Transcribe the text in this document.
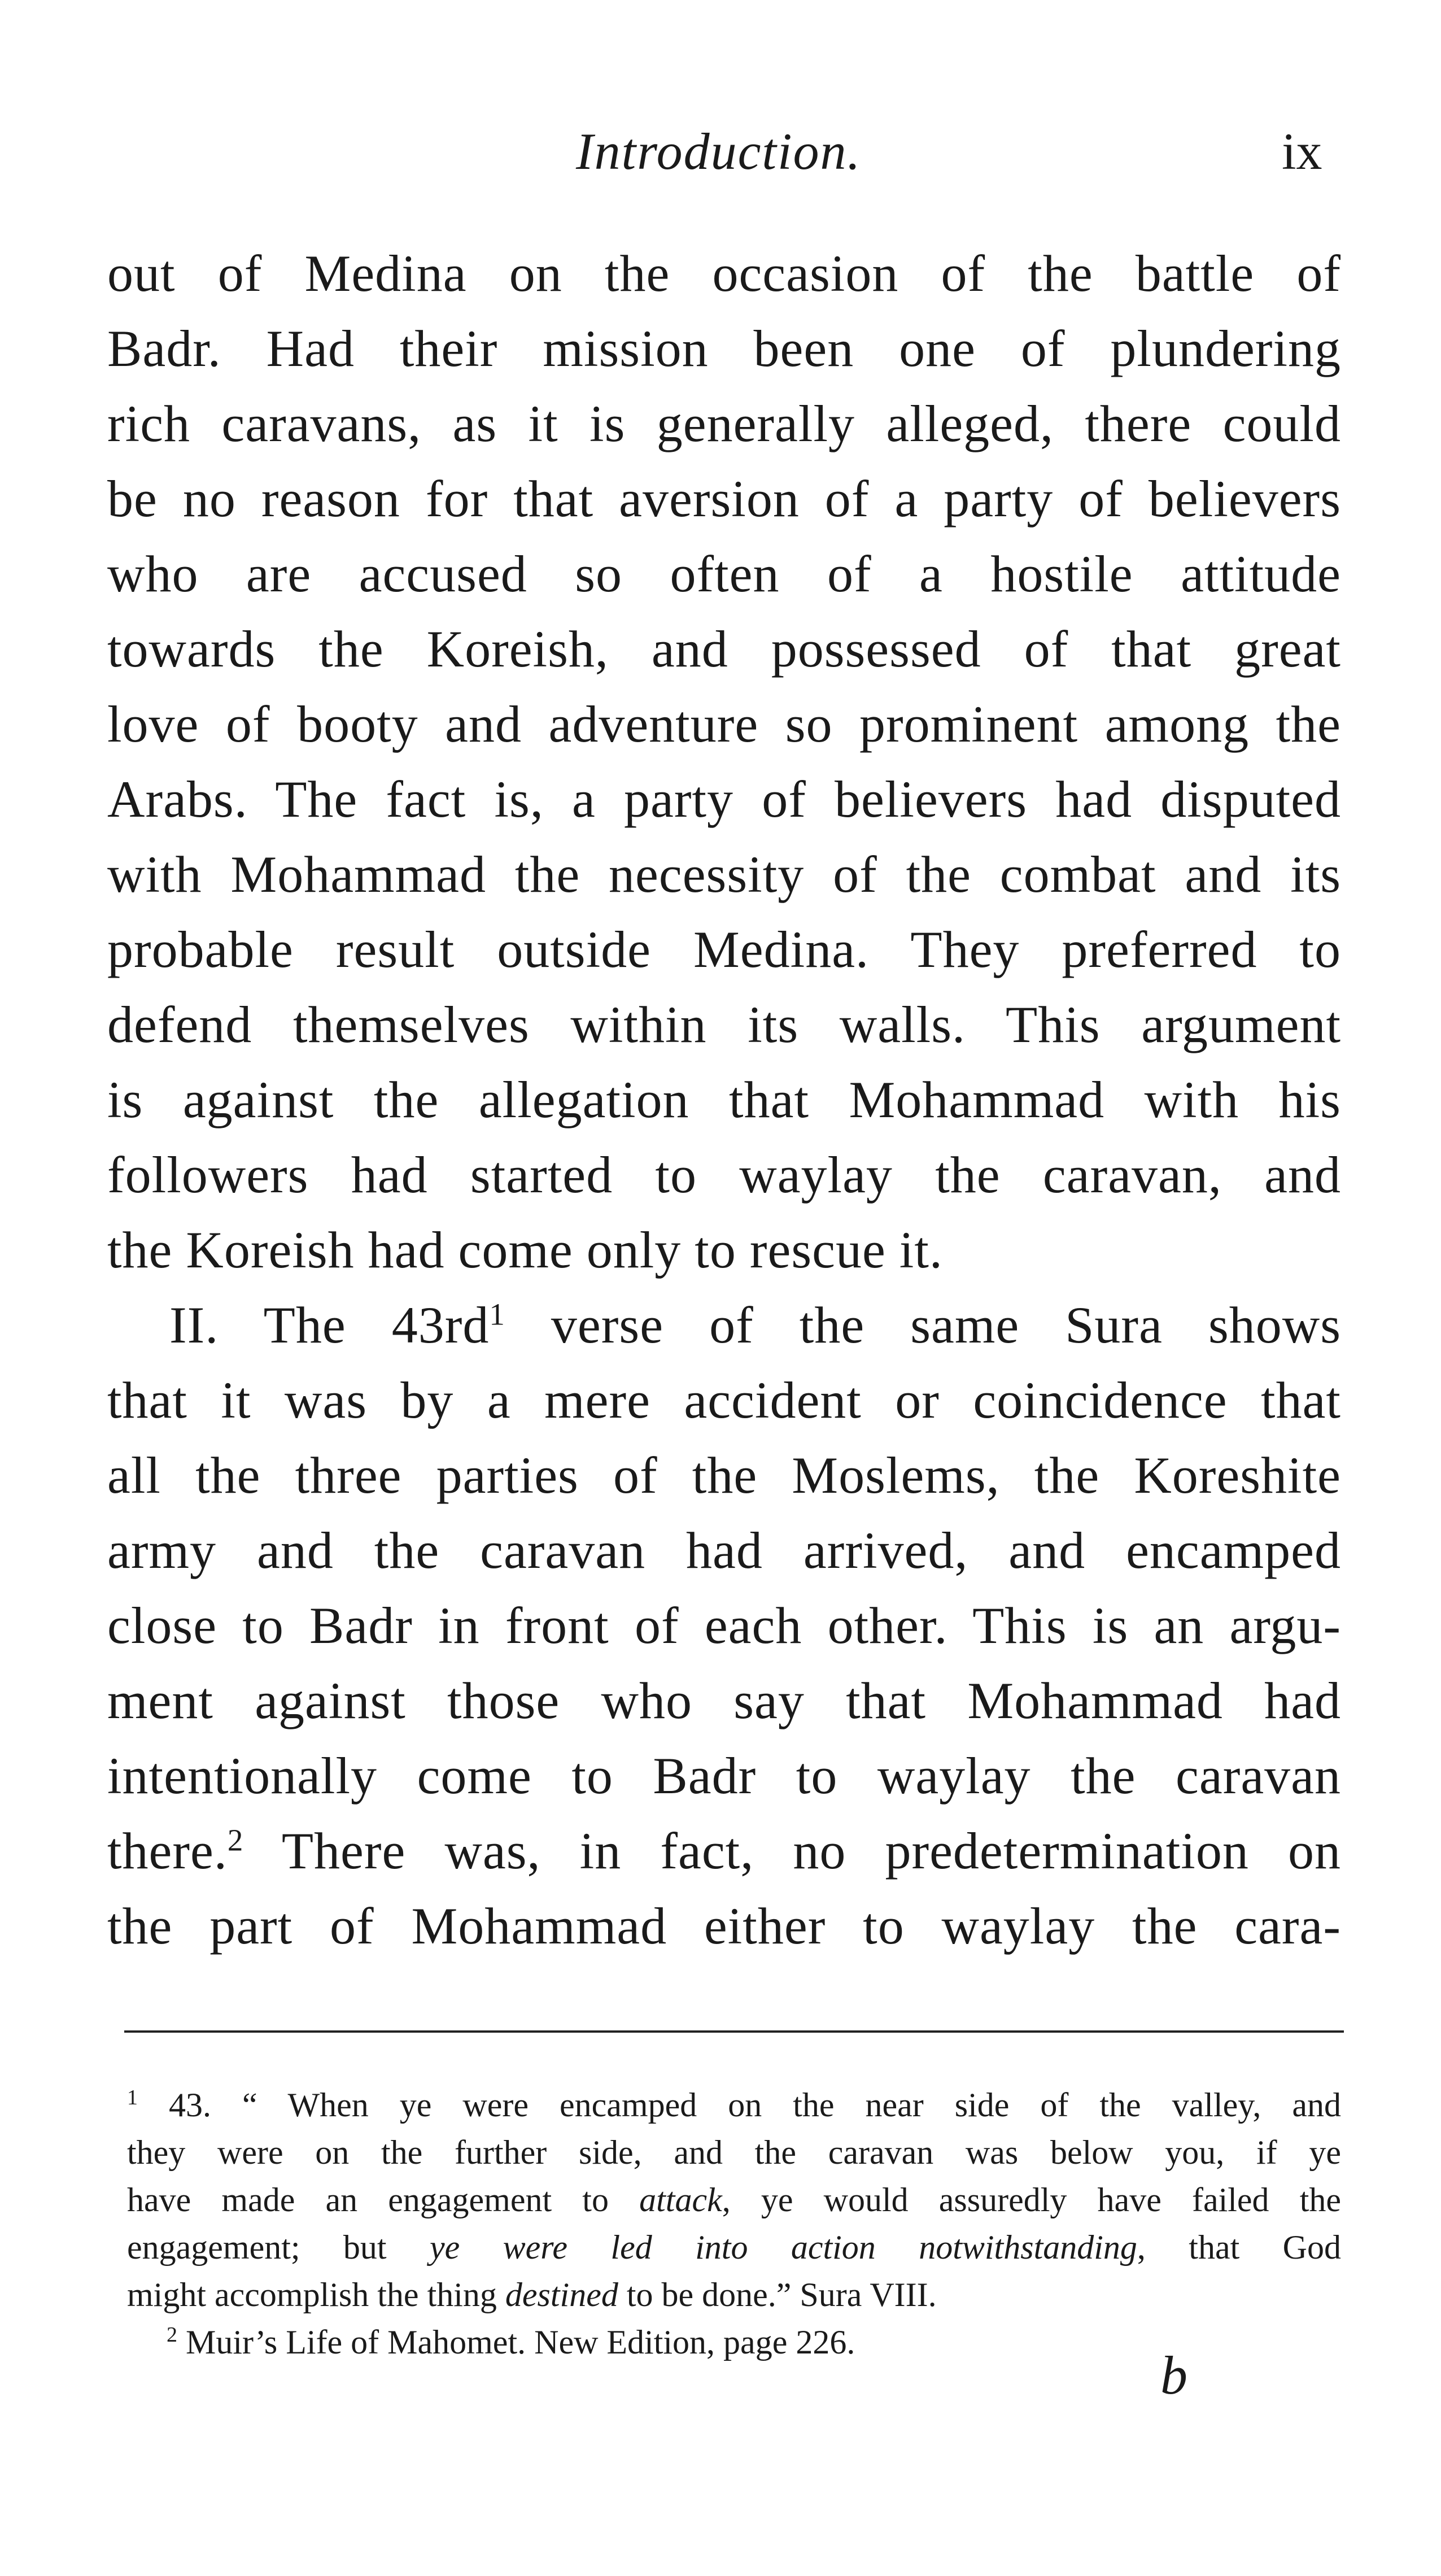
Introduction.	ix
out of Medina on the occasion of the battle of
Badr. Had their mission been one of plundering
rich caravans, as it is generally alleged, there could
be no reason for that aversion of a party of believers
who are accused so often of a hostile attitude
towards the Koreish, and possessed of that great
love of booty and adventure so prominent among the
Arabs. The fact is, a party of believers had disputed
with Mohammad the necessity of the combat and its
probable result outside Medina. They preferred to
defend themselves within its walls. This argument
is against the allegation that Mohammad with his
followers had started to waylay the caravan, and
the Koreish had come only to rescue it.
II. The $43rd^1$ verse of the same Sura shows
that it was by a mere accident or coincidence that
all the three parties of the Moslems, the Koreshite
army and the caravan had arrived, and encamped
close to Badr in front of each other. This is an argu-
ment against those who say that Mohammad had
intentionally come to Badr to waylay the caravan
there.$^2$ There was, in fact, no predetermination on
the part of Mohammad either to waylay the cara-
$^1$ 43. “ When ye were encamped on the near side of the valley, and
they were on the further side, and the caravan was below you, if ye
have made an engagement to attack, ye would assuredly have failed the
engagement; but ye were led into action notwithstanding, that God
might accomplish the thing destined to be done.” Sura VIII.
$^2$ Muir’s Life of Mahomet. New Edition, page 226.
b
